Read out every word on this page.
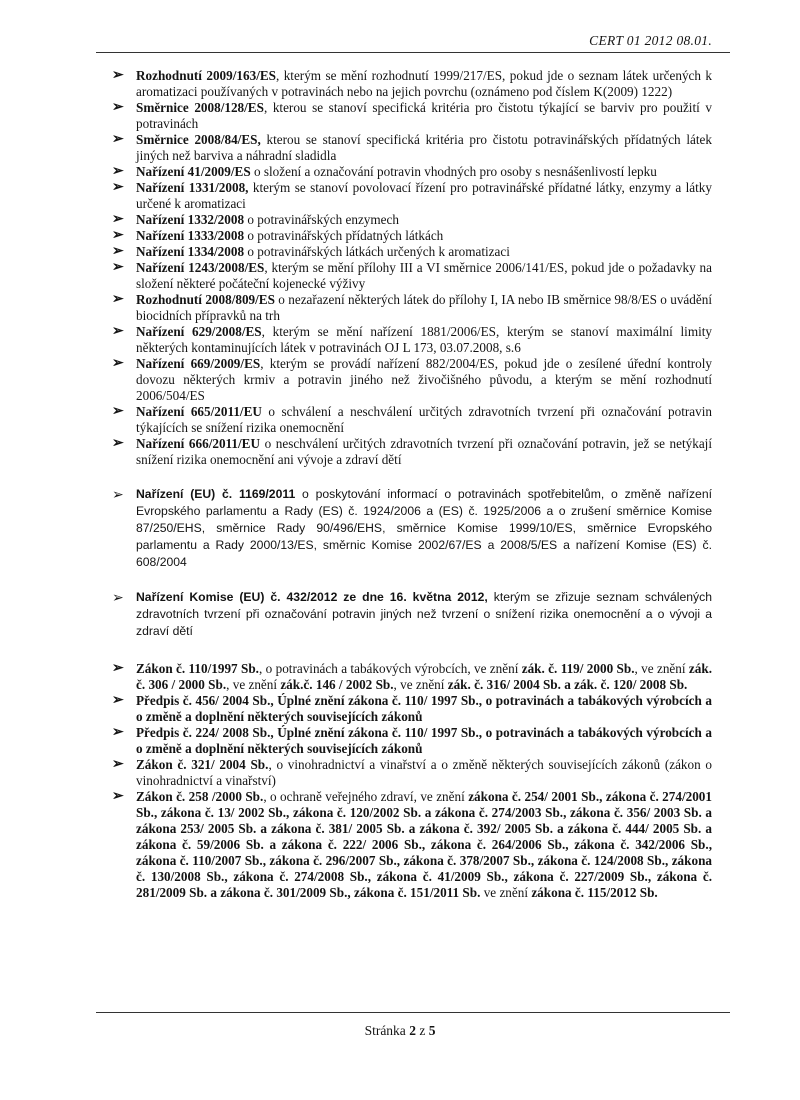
CERT 01 2012 08.01.
➢ Rozhodnutí 2009/163/ES, kterým se mění rozhodnutí 1999/217/ES, pokud jde o seznam látek určených k aromatizaci používaných v potravinách nebo na jejich povrchu (oznámeno pod číslem K(2009) 1222)
➢ Směrnice 2008/128/ES, kterou se stanoví specifická kritéria pro čistotu týkající se barviv pro použití v potravinách
➢ Směrnice 2008/84/ES, kterou se stanoví specifická kritéria pro čistotu potravinářských přídatných látek jiných než barviva a náhradní sladidla
➢ Nařízení 41/2009/ES o složení a označování potravin vhodných pro osoby s nesnášenlivostí lepku
➢ Nařízení 1331/2008, kterým se stanoví povolovací řízení pro potravinářské přídatné látky, enzymy a látky určené k aromatizaci
➢ Nařízení 1332/2008 o potravinářských enzymech
➢ Nařízení 1333/2008 o potravinářských přídatných látkách
➢ Nařízení 1334/2008 o potravinářských látkách určených k aromatizaci
➢ Nařízení 1243/2008/ES, kterým se mění přílohy III a VI směrnice 2006/141/ES, pokud jde o požadavky na složení některé počáteční kojenecké výživy
➢ Rozhodnutí 2008/809/ES o nezařazení některých látek do přílohy I, IA nebo IB směrnice 98/8/ES o uvádění biocidních přípravků na trh
➢ Nařízení 629/2008/ES, kterým se mění nařízení 1881/2006/ES, kterým se stanoví maximální limity některých kontaminujících látek v potravinách OJ L 173, 03.07.2008, s.6
➢ Nařízení 669/2009/ES, kterým se provádí nařízení 882/2004/ES, pokud jde o zesílené úřední kontroly dovozu některých krmiv a potravin jiného než živočišného původu, a kterým se mění rozhodnutí 2006/504/ES
➢ Nařízení 665/2011/EU o schválení a neschválení určitých zdravotních tvrzení při označování potravin týkajících se snížení rizika onemocnění
➢ Nařízení 666/2011/EU o neschválení určitých zdravotních tvrzení při označování potravin, jež se netýkají snížení rizika onemocnění ani vývoje a zdraví dětí
➢ Nařízení (EU) č. 1169/2011 o poskytování informací o potravinách spotřebitelům, o změně nařízení Evropského parlamentu a Rady (ES) č. 1924/2006 a (ES) č. 1925/2006 a o zrušení směrnice Komise 87/250/EHS, směrnice Rady 90/496/EHS, směrnice Komise 1999/10/ES, směrnice Evropského parlamentu a Rady 2000/13/ES, směrnic Komise 2002/67/ES a 2008/5/ES a nařízení Komise (ES) č. 608/2004
➢ Nařízení Komise (EU) č. 432/2012 ze dne 16. května 2012, kterým se zřizuje seznam schválených zdravotních tvrzení při označování potravin jiných než tvrzení o snížení rizika onemocnění a o vývoji a zdraví dětí
➢ Zákon č. 110/1997 Sb., o potravinách a tabákových výrobcích, ve znění zák. č. 119/ 2000 Sb., ve znění zák. č. 306 / 2000 Sb., ve znění zák.č. 146 / 2002 Sb., ve znění zák. č. 316/ 2004 Sb. a zák. č. 120/ 2008 Sb.
➢ Předpis č. 456/ 2004 Sb., Úplné znění zákona č. 110/ 1997 Sb., o potravinách a tabákových výrobcích a o změně a doplnění některých souvisejících zákonů
➢ Předpis č. 224/ 2008 Sb., Úplné znění zákona č. 110/ 1997 Sb., o potravinách a tabákových výrobcích a o změně a doplnění některých souvisejících zákonů
➢ Zákon č. 321/ 2004 Sb., o vinohradnictví a vinařství a o změně některých souvisejících zákonů (zákon o vinohradnictví a vinařství)
➢ Zákon č. 258 /2000 Sb., o ochraně veřejného zdraví, ve znění zákona č. 254/ 2001 Sb., zákona č. 274/2001 Sb., zákona č. 13/ 2002 Sb., zákona č. 120/2002 Sb. a zákona č. 274/2003 Sb., zákona č. 356/ 2003 Sb. a zákona 253/ 2005 Sb. a zákona č. 381/ 2005 Sb. a zákona č. 392/ 2005 Sb. a zákona č. 444/ 2005 Sb. a zákona č. 59/2006 Sb. a zákona č. 222/ 2006 Sb., zákona č. 264/2006 Sb., zákona č. 342/2006 Sb., zákona č. 110/2007 Sb., zákona č. 296/2007 Sb., zákona č. 378/2007 Sb., zákona č. 124/2008 Sb., zákona č. 130/2008 Sb., zákona č. 274/2008 Sb., zákona č. 41/2009 Sb., zákona č. 227/2009 Sb., zákona č. 281/2009 Sb. a zákona č. 301/2009 Sb., zákona č. 151/2011 Sb. ve znění zákona č. 115/2012 Sb.
Stránka 2 z 5
